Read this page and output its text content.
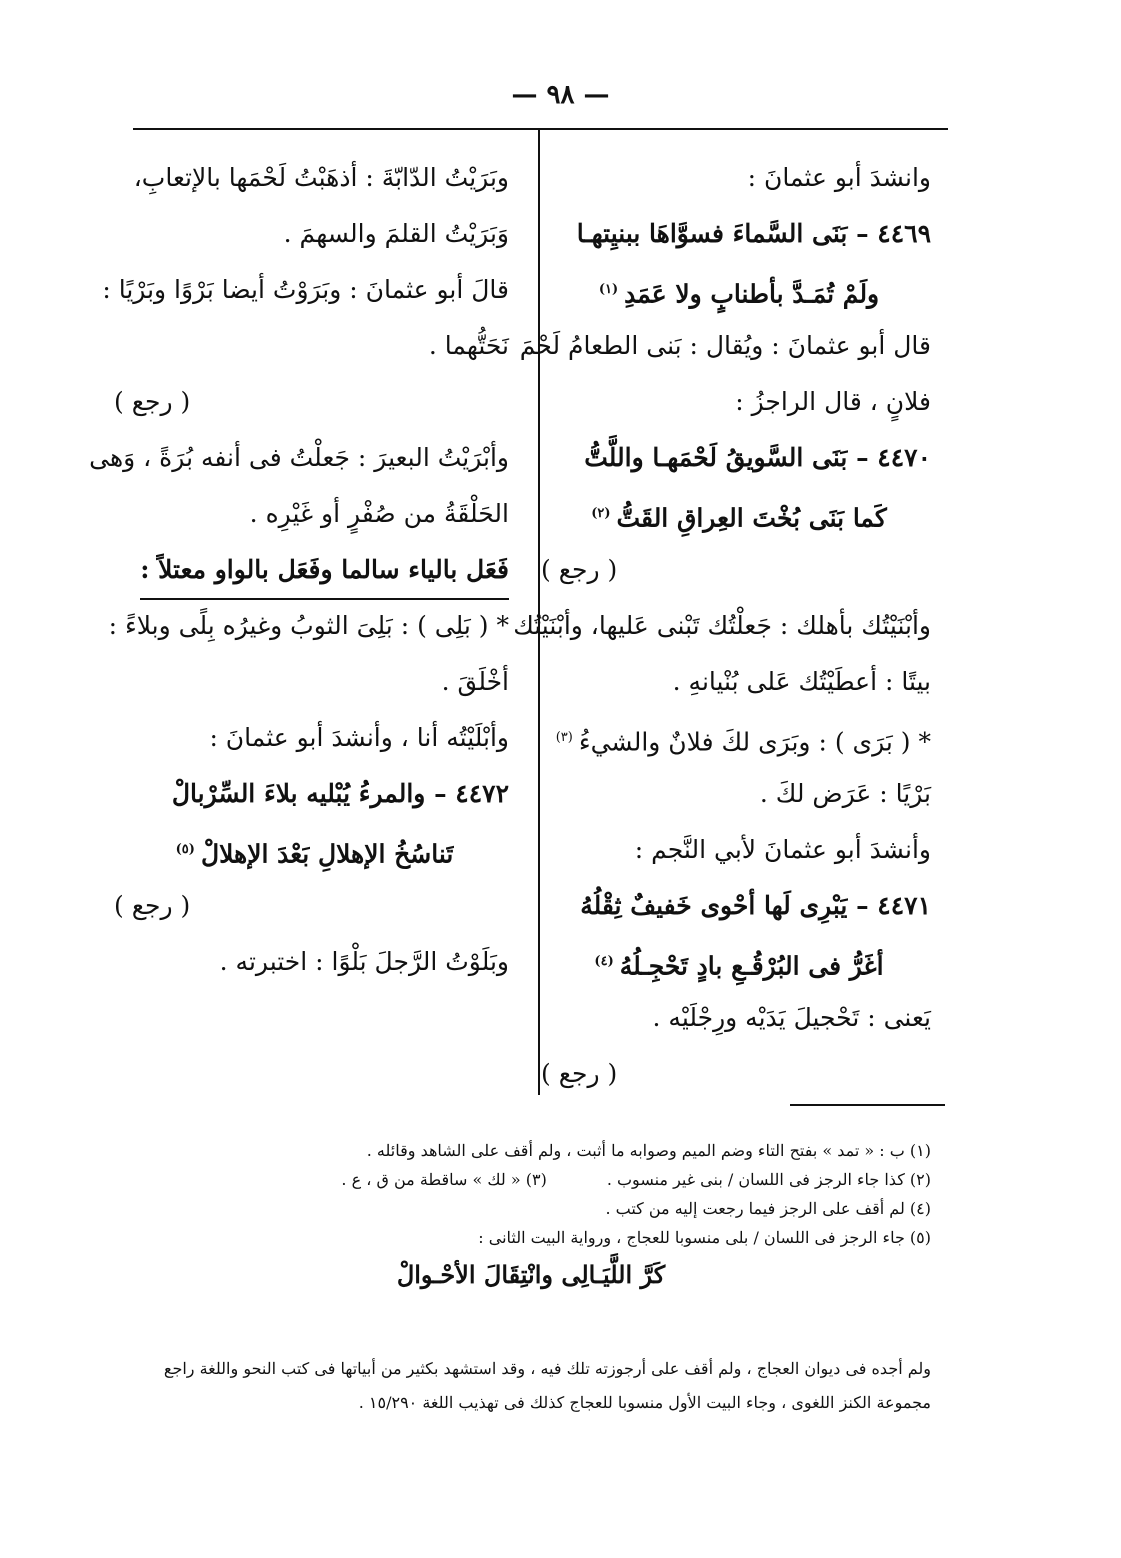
— ٩٨ —
وانشدَ أبو عثمانَ :
٤٤٦٩ – بَنَى السَّماءَ فسوَّاهَا ببنيِتهـا
ولَمْ تُمَـدَّ بأطنابٍ ولا عَمَدِ$^{(١)}$
قال أبو عثمانَ : ويُقال : بَنى الطعامُ لَحْمَ
فلانٍ ، قال الراجزُ :
٤٤٧٠ – بَنَى السَّويقُ لَحْمَهـا واللَّتُّ
كَما بَنَى بُخْتَ العِراقِ القَتُّ$^{(٢)}$
( رجع )
وأبْنَيْتُك بأهلك : جَعلْتُك تَبْنى عَليها، وأبْنَيْتُك
بيتًا : أعطَيْتُك عَلى بُنْيانهِ .
* ( بَرَى ) : وبَرَى لكَ فلانٌ والشيءُ$^{(٣)}$
بَرْيًا : عَرَض لكَ .
وأنشدَ أبو عثمانَ لأبي النَّجم :
٤٤٧١ – يَبْرِى لَها أحْوى خَفيفٌ ثِقْلُهُ
أغَرُّ فى البُرْقُـعِ بادٍ تَحْجِـلُهُ$^{(٤)}$
يَعنى : تَحْجيلَ يَدَيْه ورِجْلَيْه .
( رجع )
وبَرَيْتُ الدّابّةَ : أذهَبْتُ لَحْمَها بالإتعابِ،
وَبَرَيْتُ القلمَ والسهمَ .
قالَ أبو عثمانَ : وبَرَوْتُ أيضا بَرْوًا وبَرْيًا :
نَحَتُّهما .
( رجع )
وأبْرَيْتُ البعيرَ : جَعلْتُ فى أنفه بُرَةً ، وَهى
الحَلْقَةُ من صُفْرٍ أو غَيْرِه .
فَعَل بالياء سالما وفَعَل بالواو معتلاً :
* ( بَلِى ) : بَلِىَ الثوبُ وغيرُه بِلًى وبلاءً :
أخْلَقَ .
وأبْلَيْتُه أنا ، وأنشدَ أبو عثمانَ :
٤٤٧٢ – والمرءُ يُبْليه بلاءَ السِّرْبالْ
تَناسُخُ الإهلالِ بَعْدَ الإهلالْ$^{(٥)}$
( رجع )
وبَلَوْتُ الرَّجلَ بَلْوًا : اختبرته .
(١) ب : « تمد » بفتح التاء وضم الميم وصوابه ما أثبت ، ولم أقف على الشاهد وقائله .
(٢) كذا جاء الرجز فى اللسان / بنى غير منسوب .
(٣) « لك » ساقطة من ق ، ع .
(٤) لم أقف على الرجز فيما رجعت إليه من كتب .
(٥) جاء الرجز فى اللسان / بلى منسوبا للعجاج ، ورواية البيت الثانى :
كَرَّ اللَّيَـالِى وانْتِقَالَ الأحْـوالْ
ولم أجده فى ديوان العجاج ، ولم أقف على أرجوزته تلك فيه ، وقد استشهد بكثير من أبياتها فى كتب النحو واللغة راجع
مجموعة الكنز اللغوى ، وجاء البيت الأول منسوبا للعجاج كذلك فى تهذيب اللغة ١٥/٢٩٠ .
